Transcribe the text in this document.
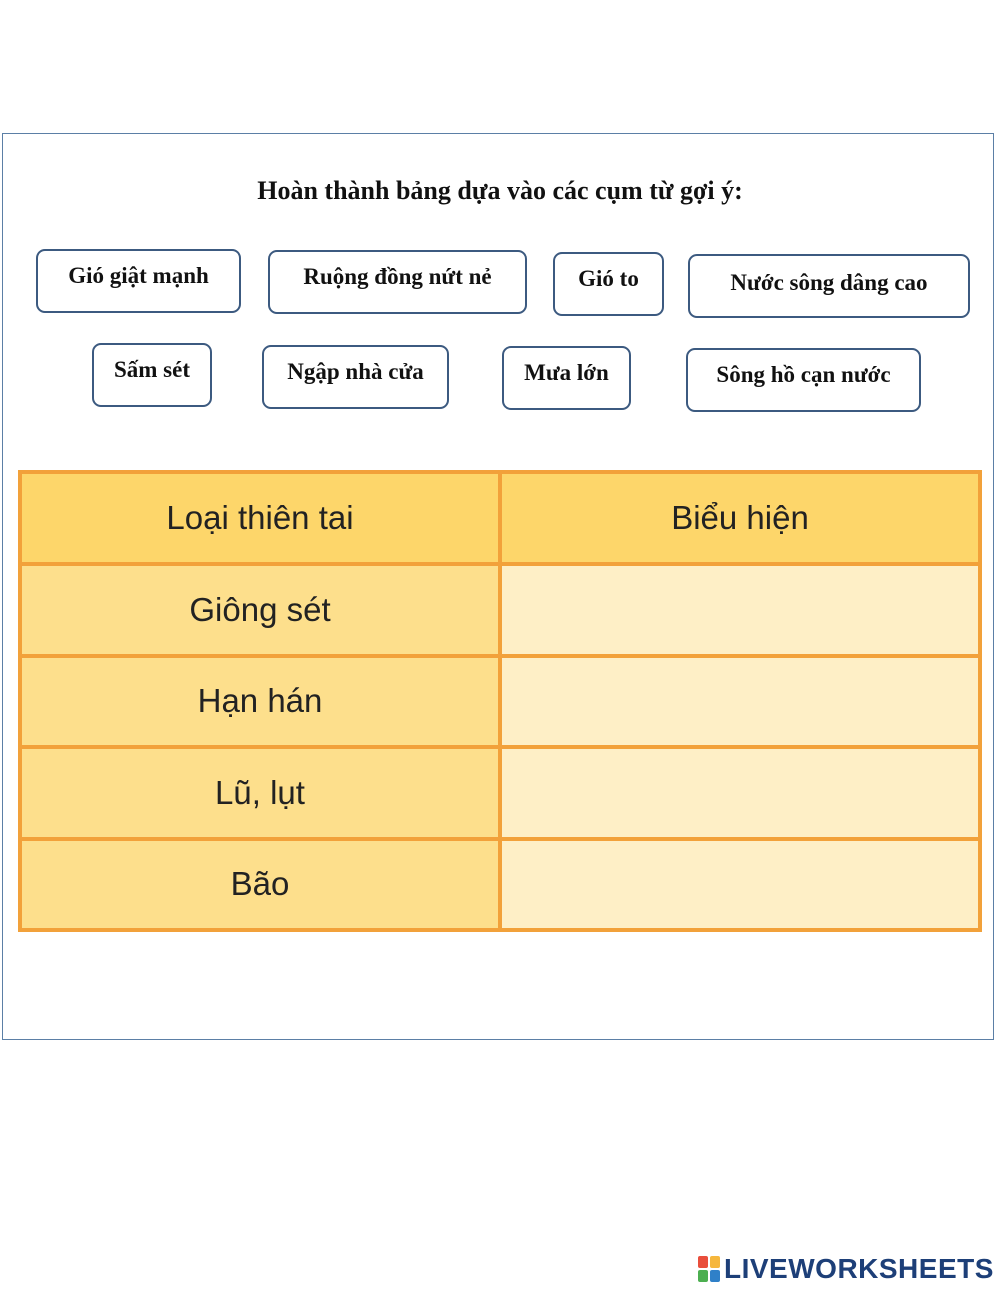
Hoàn thành bảng dựa vào các cụm từ gợi ý:
Gió giật mạnh	Ruộng đồng nứt nẻ	Gió to	Nước sông dâng cao
Sấm sét	Ngập nhà cửa	Mưa lớn	Sông hồ cạn nước
Loại thiên tai	Biểu hiện
Giông sét	
Hạn hán	
Lũ, lụt	
Bão	
LIVEWORKSHEETS
